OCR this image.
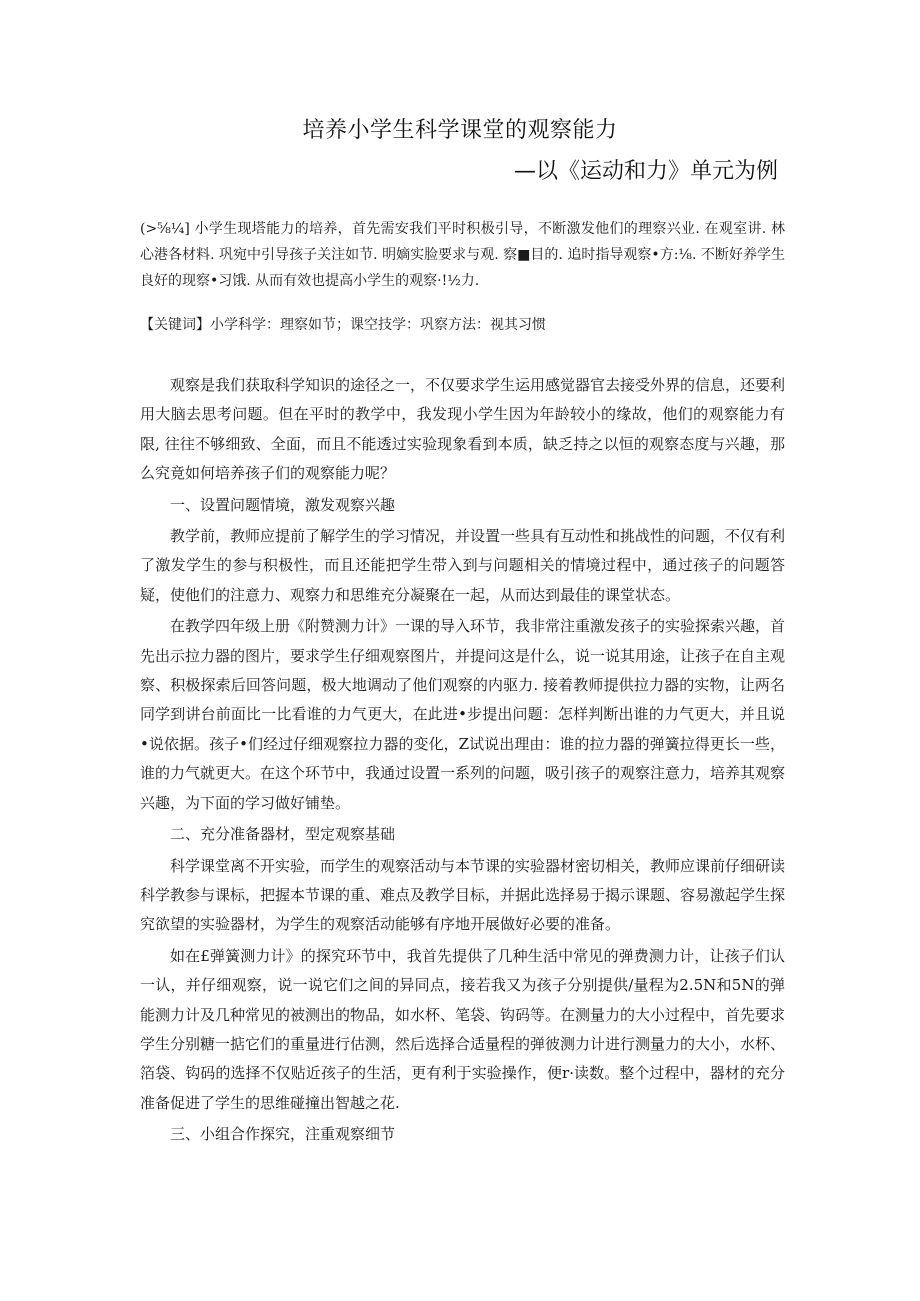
培养小学生科学课堂的观察能力
—以《运动和力》单元为例

(>⅝¼] 小学生现塔能力的培养，首先需安我们平时积极引导，不断激发他们的理察兴业. 在观室讲. 林心港各材料. 巩宛中引导孩子关注如节. 明嫡实脸要求与观. 察■目的. 追时指导观察•方:⅛. 不断好养学生良好的现察•习饿. 从而有效也提高小学生的观察·!½力.

【关键词】小学科学：理察如节；课空技学：巩察方法：视其习惯

观察是我们获取科学知识的途径之一，不仅要求学生运用感觉器官去接受外界的信息，还要利用大脑去思考问题。但在平时的教学中，我发现小学生因为年龄较小的缘故，他们的观察能力有限, 往往不够细致、全面，而且不能透过实验现象看到本质，缺乏持之以恒的观察态度与兴趣，那么究竟如何培养孩子们的观察能力呢？

一、设置问题情境，激发观察兴趣

教学前，教师应提前了解学生的学习情况，并设置一些具有互动性和挑战性的问题，不仅有利了激发学生的参与积极性，而且还能把学生带入到与问题相关的情境过程中，通过孩子的问题答疑，使他们的注意力、观察力和思维充分凝聚在一起，从而达到最佳的课堂状态。

在教学四年级上册《附赞测力计》一课的导入环节，我非常注重激发孩子的实验探索兴趣，首先出示拉力器的图片，要求学生仔细观察图片，并提问这是什么，说一说其用途，让孩子在自主观察、积极探索后回答问题，极大地调动了他们观察的内驱力. 接着教师提供拉力器的实物，让两名同学到讲台前面比一比看谁的力气更大，在此进•步提出问题：怎样判断出谁的力气更大，并且说•说依据。孩子•们经过仔细观察拉力器的变化，Z试说出理由：谁的拉力器的弹簧拉得更长一些，谁的力气就更大。在这个环节中，我通过设置一系列的问题，吸引孩子的观察注意力，培养其观察兴趣，为下面的学习做好铺垫。

二、充分准备器材，型定观察基础

科学课堂离不开实验，而学生的观察活动与本节课的实验器材密切相关，教师应课前仔细研读科学教参与课标，把握本节课的重、难点及教学目标，并据此选择易于揭示课题、容易激起学生探究欲望的实验器材，为学生的观察活动能够有序地开展做好必要的准备。

如在£弹簧测力计》的探究环节中，我首先提供了几种生活中常见的弹费测力计，让孩子们认一认，并仔细观察，说一说它们之间的异同点，接若我又为孩子分别提供/量程为2.5N和5N的弹能测力计及几种常见的被测出的物品，如水杯、笔袋、钩码等。在测量力的大小过程中，首先要求学生分别糖一掂它们的重量进行估测，然后选择合适量程的弹彼测力计进行测量力的大小，水杯、箔袋、钩码的选择不仅贴近孩子的生活，更有利于实验操作，便r·读数。整个过程中，器材的充分准备促进了学生的思维碰撞出智越之花.

三、小组合作探究，注重观察细节
